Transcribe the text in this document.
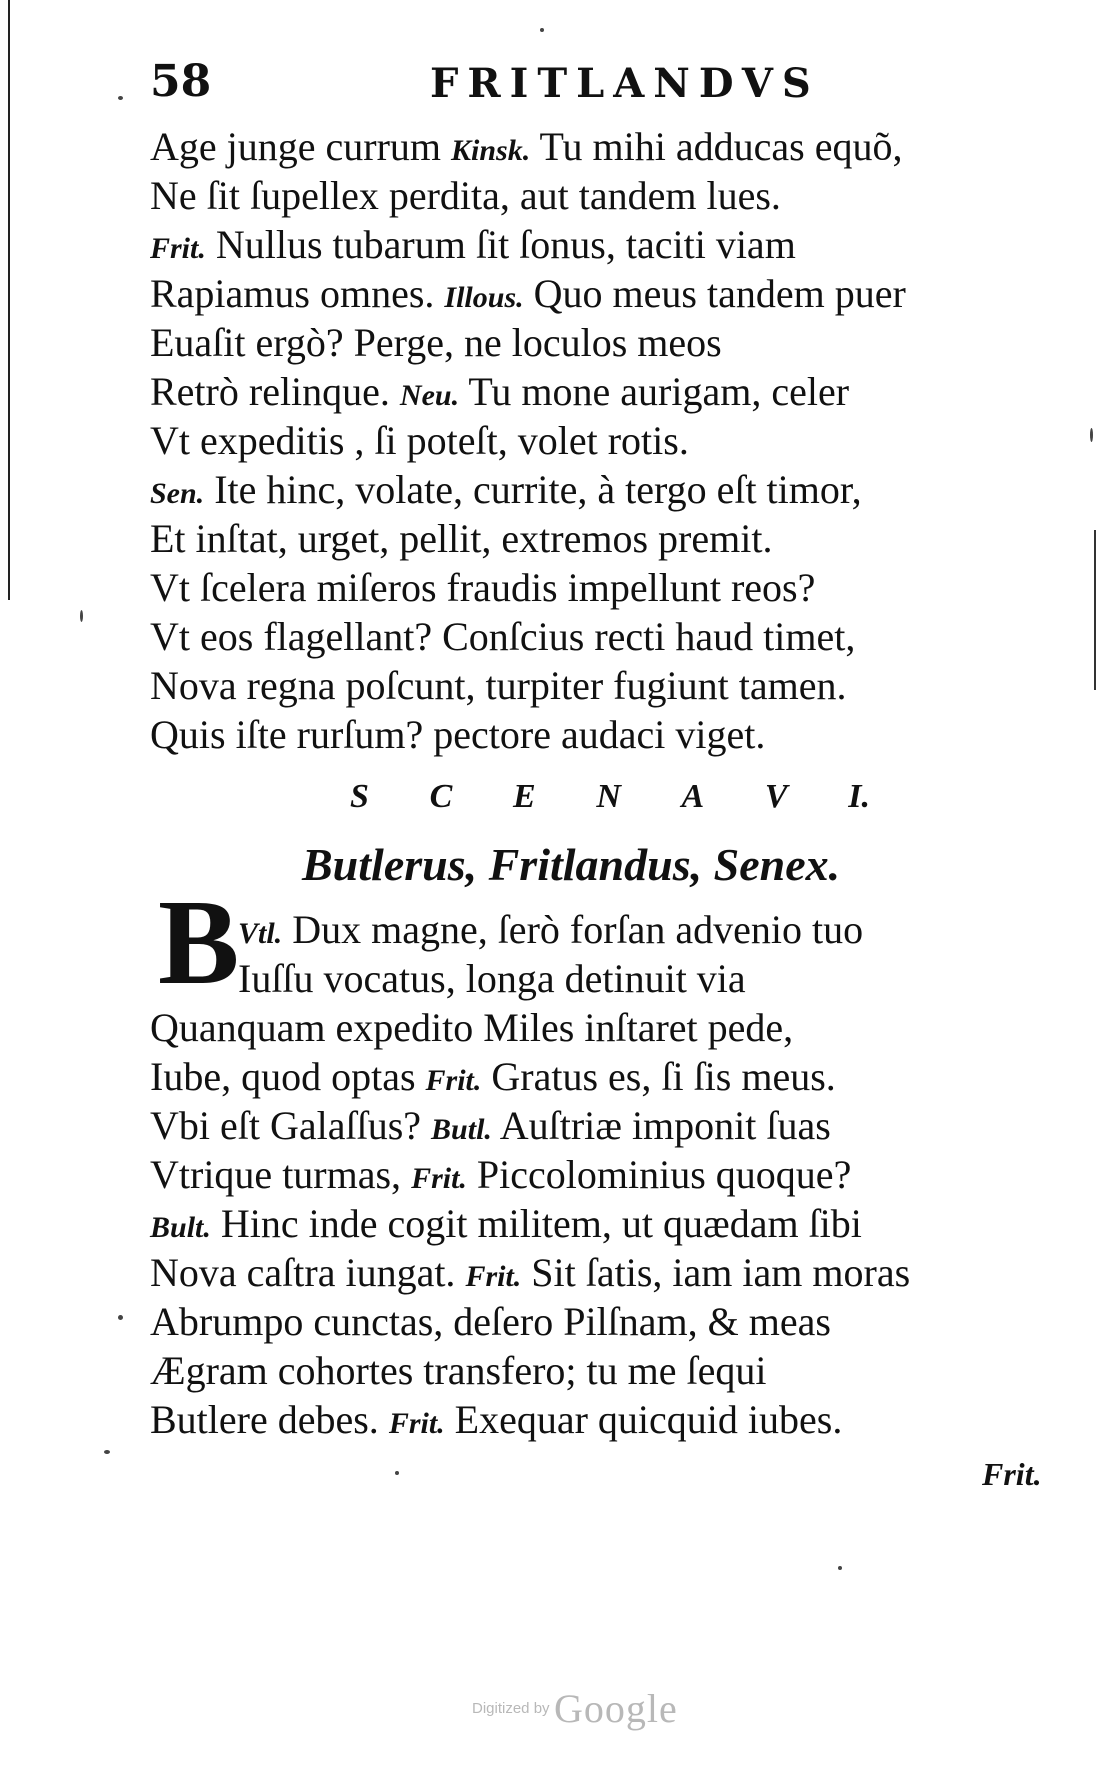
58	FRITLANDVS
Age junge currum Kinsk. Tu mihi adducas equõ,
Ne ſit ſupellex perdita, aut tandem lues.
Frit. Nullus tubarum ſit ſonus, taciti viam
Rapiamus omnes. Illous. Quo meus tandem puer
Euaſit ergò? Perge, ne loculos meos
Retrò relinque. Neu. Tu mone aurigam, celer
Vt expeditis , ſi poteſt, volet rotis.
Sen. Ite hinc, volate, currite, à tergo eſt timor,
Et inſtat, urget, pellit, extremos premit.
Vt ſcelera miſeros fraudis impellunt reos?
Vt eos flagellant? Conſcius recti haud timet,
Nova regna poſcunt, turpiter fugiunt tamen.
Quis iſte rurſum? pectore audaci viget.
S C E N A V I.
Butlerus, Fritlandus, Senex.
B
Vtl. Dux magne, ſerò forſan advenio tuo
Iuſſu vocatus, longa detinuit via
Quanquam expedito Miles inſtaret pede,
Iube, quod optas Frit. Gratus es, ſi ſis meus.
Vbi eſt Galaſſus? Butl. Auſtriæ imponit ſuas
Vtrique turmas, Frit. Piccolominius quoque?
Bult. Hinc inde cogit militem, ut quædam ſibi
Nova caſtra iungat. Frit. Sit ſatis, iam iam moras
Abrumpo cunctas, deſero Pilſnam, & meas
Ægram cohortes transfero; tu me ſequi
Butlere debes. Frit. Exequar quicquid iubes.
Frit.
Digitized by Google
